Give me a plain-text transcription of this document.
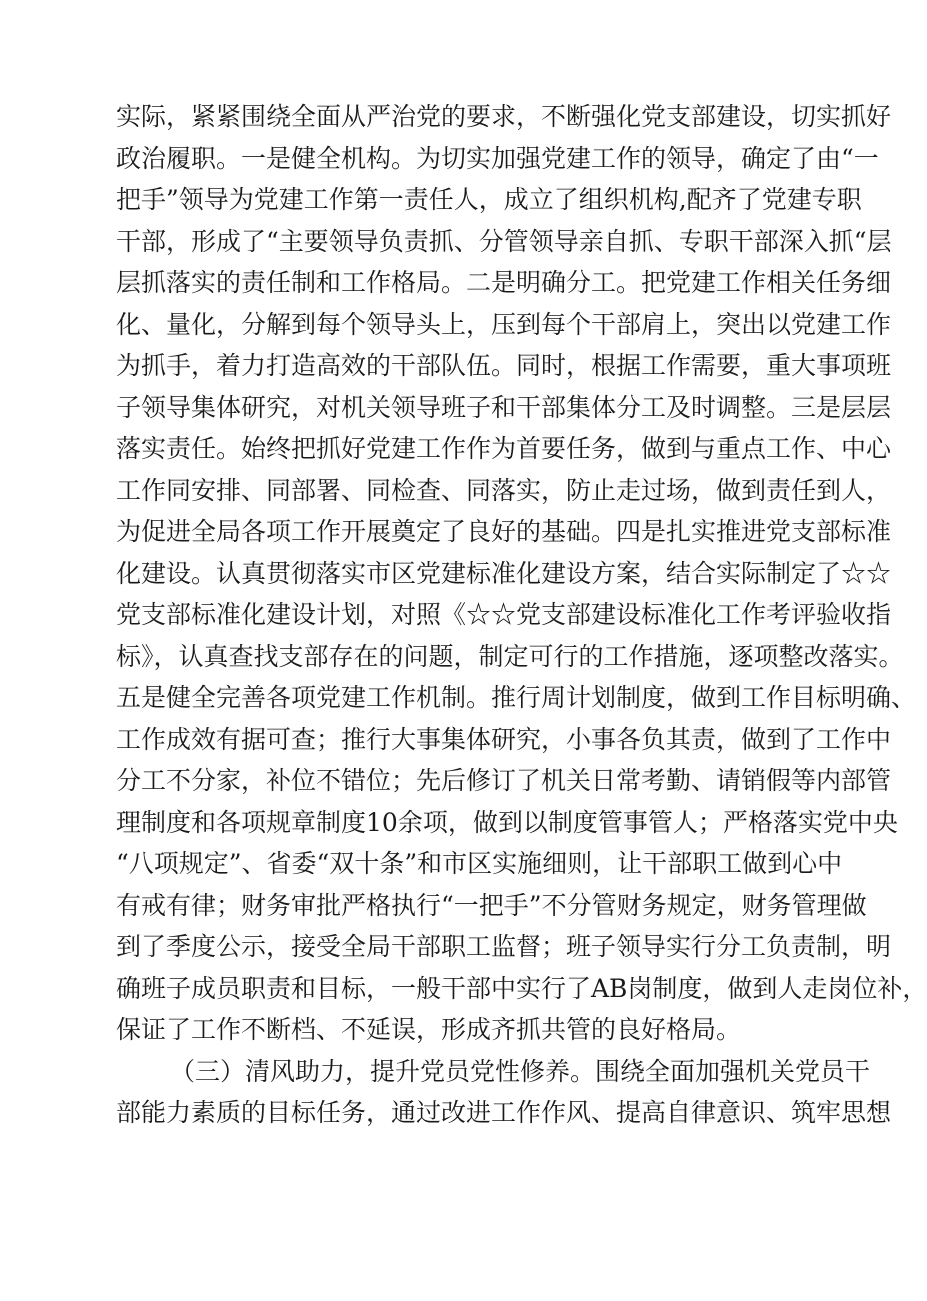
实际，紧紧围绕全面从严治党的要求，不断强化党支部建设，切实抓好
政治履职。一是健全机构。为切实加强党建工作的领导，确定了由“一
把手”领导为党建工作第一责任人，成立了组织机构,配齐了党建专职
干部，形成了“主要领导负责抓、分管领导亲自抓、专职干部深入抓“层
层抓落实的责任制和工作格局。二是明确分工。把党建工作相关任务细
化、量化，分解到每个领导头上，压到每个干部肩上，突出以党建工作
为抓手，着力打造高效的干部队伍。同时，根据工作需要，重大事项班
子领导集体研究，对机关领导班子和干部集体分工及时调整。三是层层
落实责任。始终把抓好党建工作作为首要任务，做到与重点工作、中心
工作同安排、同部署、同检查、同落实，防止走过场，做到责任到人，
为促进全局各项工作开展奠定了良好的基础。四是扎实推进党支部标准
化建设。认真贯彻落实市区党建标准化建设方案，结合实际制定了☆☆
党支部标准化建设计划，对照《☆☆党支部建设标准化工作考评验收指
标》，认真查找支部存在的问题，制定可行的工作措施，逐项整改落实。
五是健全完善各项党建工作机制。推行周计划制度，做到工作目标明确、
工作成效有据可查；推行大事集体研究，小事各负其责，做到了工作中
分工不分家，补位不错位；先后修订了机关日常考勤、请销假等内部管
理制度和各项规章制度10余项，做到以制度管事管人；严格落实党中央
“八项规定”、省委“双十条”和市区实施细则，让干部职工做到心中
有戒有律；财务审批严格执行“一把手”不分管财务规定，财务管理做
到了季度公示，接受全局干部职工监督；班子领导实行分工负责制，明
确班子成员职责和目标，一般干部中实行了AB岗制度，做到人走岗位补，
保证了工作不断档、不延误，形成齐抓共管的良好格局。
（三）清风助力，提升党员党性修养。围绕全面加强机关党员干
部能力素质的目标任务，通过改进工作作风、提高自律意识、筑牢思想
